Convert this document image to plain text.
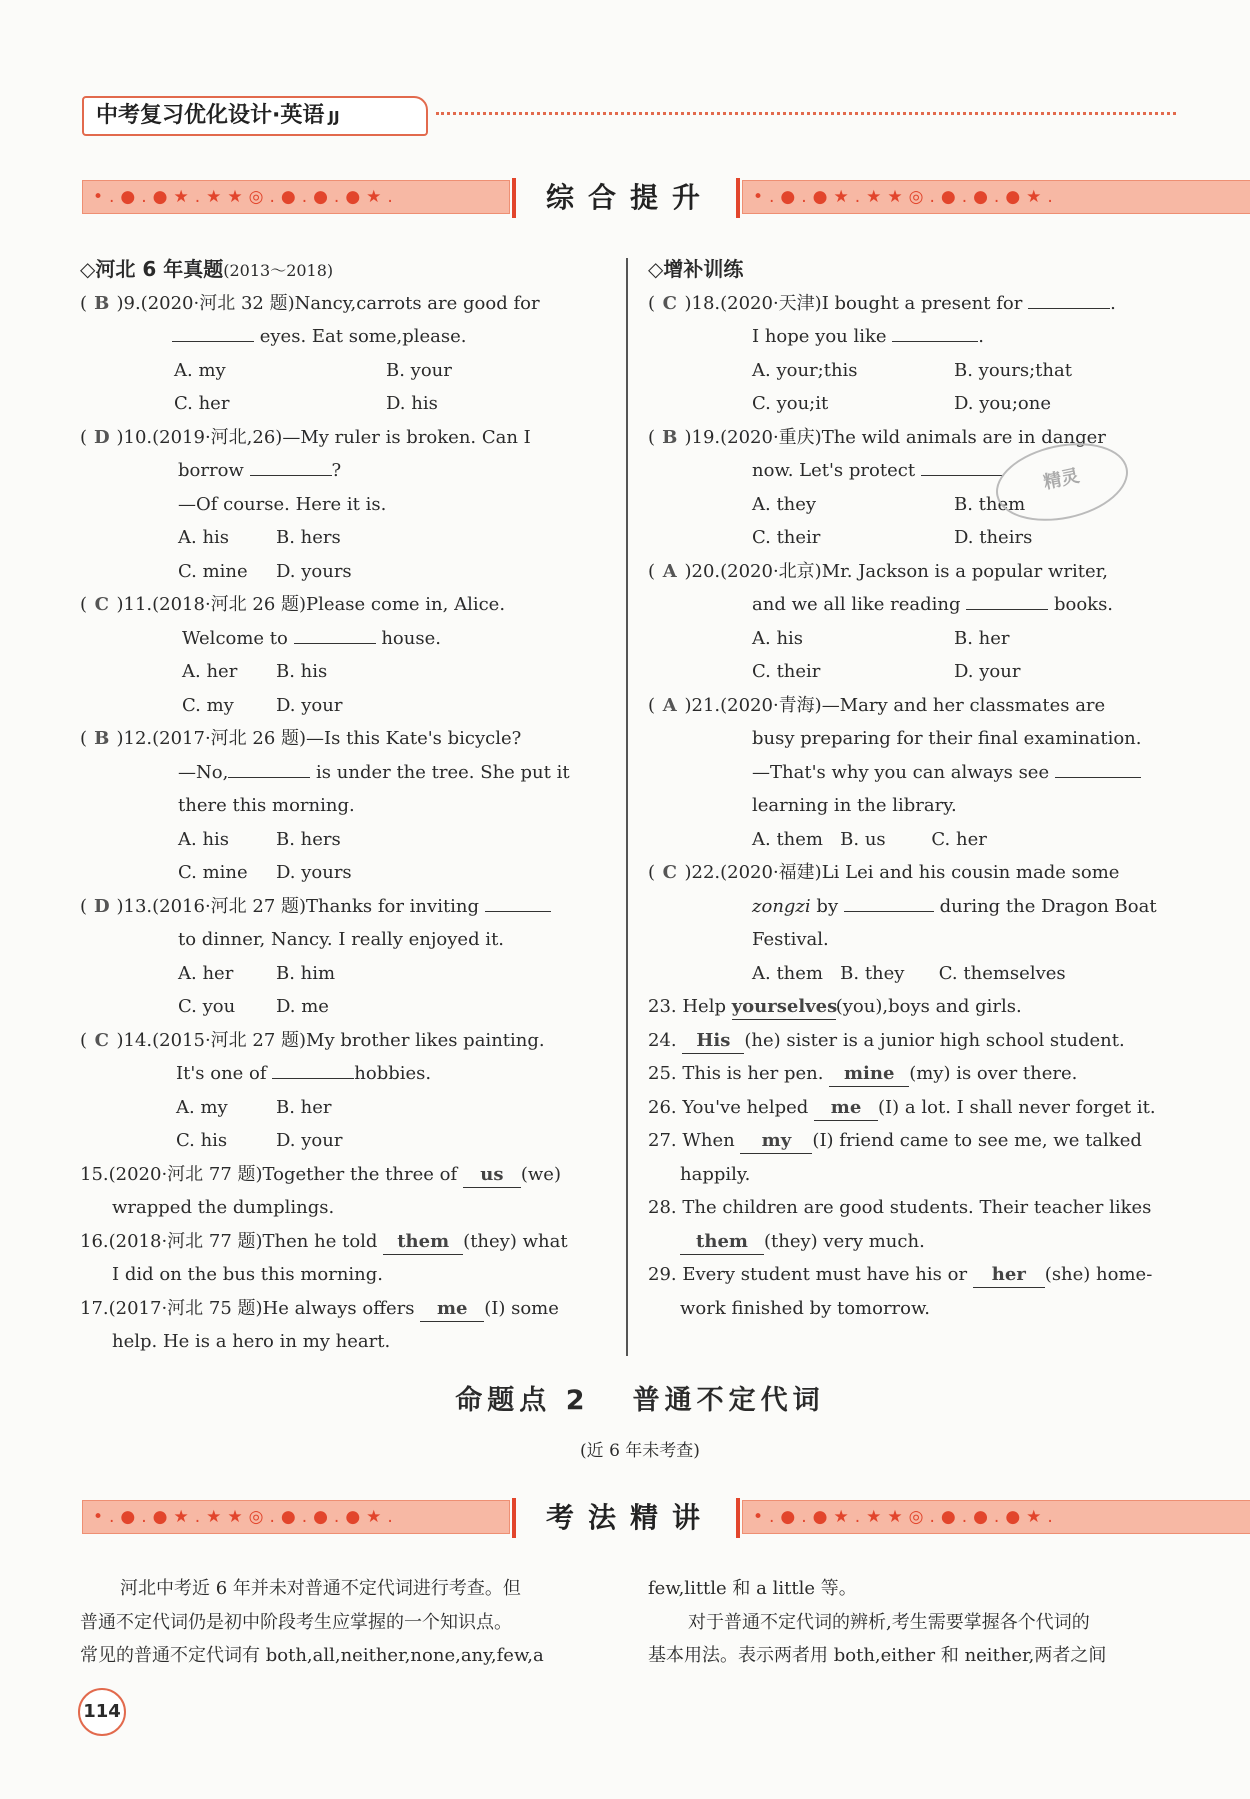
中考复习优化设计·英语 JJ
•.●.●★.★★◎.●.●.●★.	综合提升	•.●.●★.★★◎.●.●.●★.
◇河北 6 年真题(2013～2018)
( B )9.(2020·河北 32 题)Nancy,carrots are good for
eyes. Eat some,please.
A. my	B. your
C. her	D. his
( D )10.(2019·河北,26)—My ruler is broken. Can I
borrow	?
—Of course. Here it is.
A. his	B. hers
C. mine D. yours
( C )11.(2018·河北 26 题)Please come in, Alice.
Welcome to	house.
A. her B. his
C. my D. your
( B )12.(2017·河北 26 题)—Is this Kate's bicycle?
—No,	is under the tree. She put it
there this morning.
A. his	B. hers
C. mine D. yours
( D )13.(2016·河北 27 题)Thanks for inviting
to dinner, Nancy. I really enjoyed it.
A. her B. him
C. you D. me
( C )14.(2015·河北 27 题)My brother likes painting.
It's one of	hobbies.
A. my	B. her
C. his	D. your
15.(2020·河北 77 题)Together the three of us (we)
wrapped the dumplings.
16.(2018·河北 77 题)Then he told them (they) what
I did on the bus this morning.
17.(2017·河北 75 题)He always offers me (I) some
help. He is a hero in my heart.
◇增补训练
( C )18.(2020·天津)I bought a present for	.
I hope you like	.
A. your;this	B. yours;that
C. you;it	D. you;one
( B )19.(2020·重庆)The wild animals are in danger
now. Let's protect
A. they	B. them
C. their	D. theirs
( A )20.(2020·北京)Mr. Jackson is a popular writer,
and we all like reading	books.
A. his	B. her
C. their	D. your
( A )21.(2020·青海)—Mary and her classmates are
busy preparing for their final examination.
—That's why you can always see
learning in the library.
A. them   B. us        C. her
( C )22.(2020·福建)Li Lei and his cousin made some
zongzi by	during the Dragon Boat
Festival.
A. them   B. they      C. themselves
23. Help yourselves(you),boys and girls.
24. His (he) sister is a junior high school student.
25. This is her pen. mine (my) is over there.
26. You've helped me (I) a lot. I shall never forget it.
27. When my (I) friend came to see me, we talked
happily.
28. The children are good students. Their teacher likes
them (they) very much.
29. Every student must have his or her (she) home-
work finished by tomorrow.
精灵
命题点 2   普通不定代词
(近 6 年未考查)
•.●.●★.★★◎.●.●.●★.	考法精讲	•.●.●★.★★◎.●.●.●★.
河北中考近 6 年并未对普通不定代词进行考查。但
普通不定代词仍是初中阶段考生应掌握的一个知识点。
常见的普通不定代词有 both,all,neither,none,any,few,a
few,little 和 a little 等。
对于普通不定代词的辨析,考生需要掌握各个代词的
基本用法。表示两者用 both,either 和 neither,两者之间
114
